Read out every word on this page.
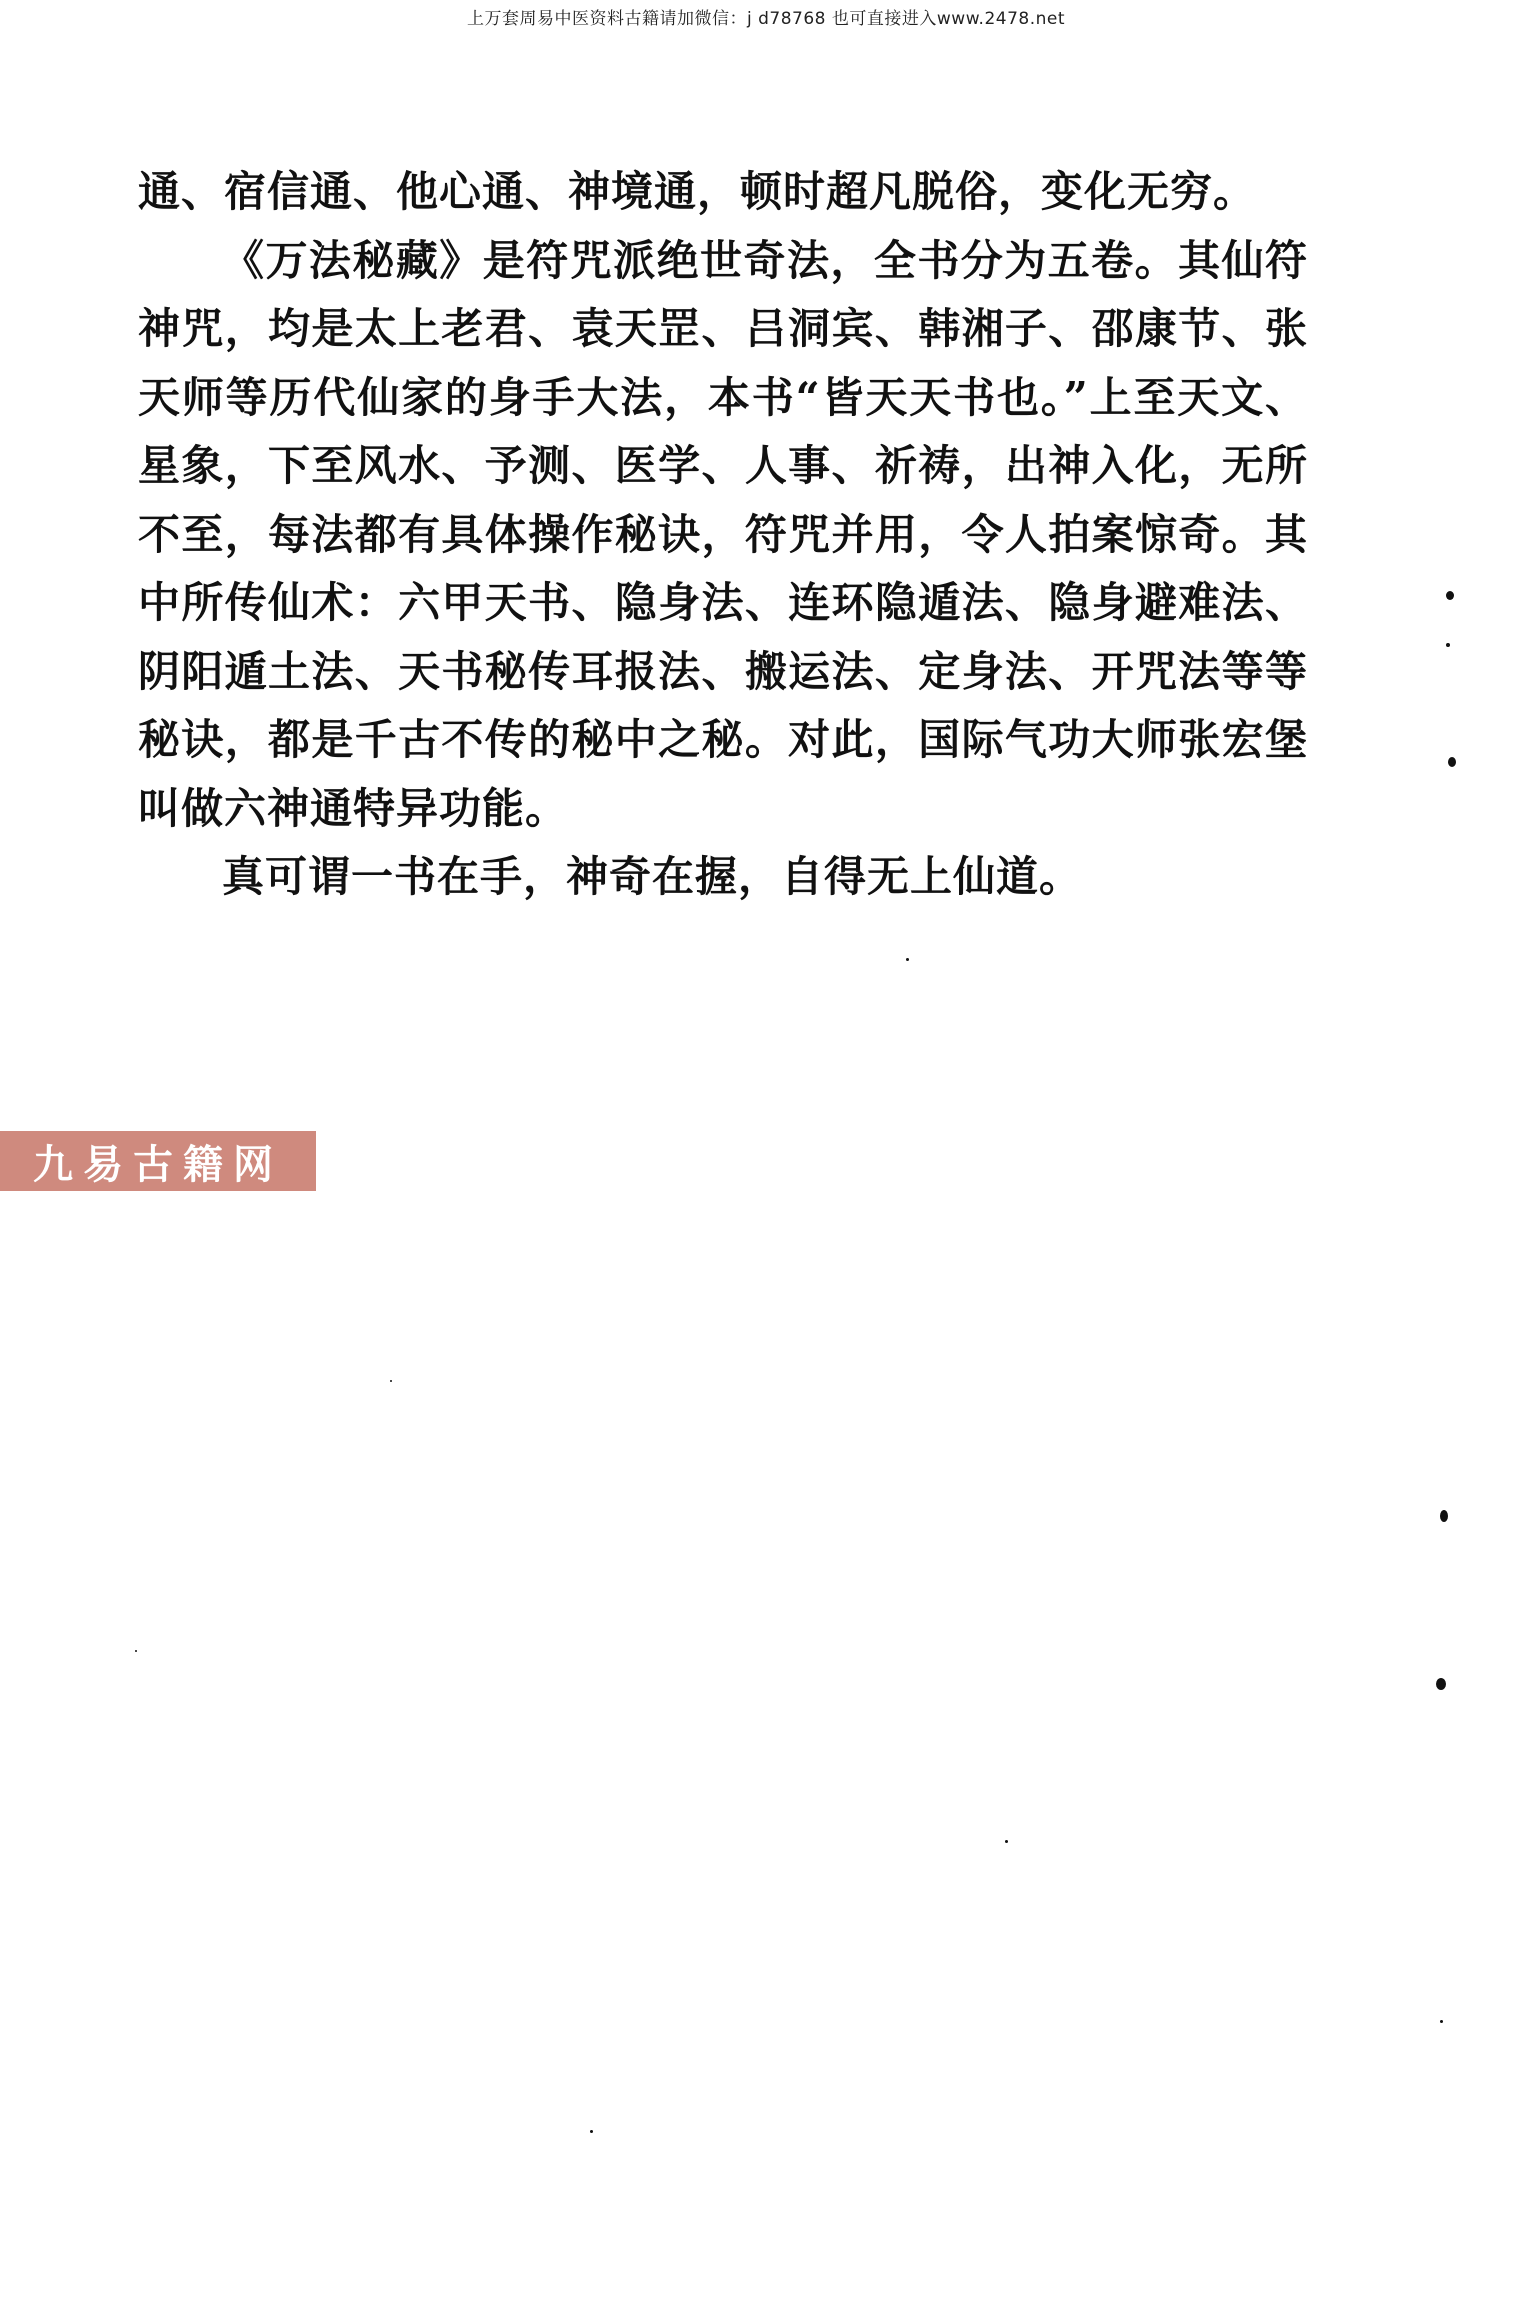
上万套周易中医资料古籍请加微信：j d78768 也可直接进入www.2478.net

通、宿信通、他心通、神境通，顿时超凡脱俗，变化无穷。

《万法秘藏》是符咒派绝世奇法，全书分为五卷。其仙符神咒，均是太上老君、袁天罡、吕洞宾、韩湘子、邵康节、张天师等历代仙家的身手大法，本书“皆天天书也。”上至天文、星象，下至风水、予测、医学、人事、祈祷，出神入化，无所不至，每法都有具体操作秘诀，符咒并用，令人拍案惊奇。其中所传仙术：六甲天书、隐身法、连环隐遁法、隐身避难法、阴阳遁土法、天书秘传耳报法、搬运法、定身法、开咒法等等秘诀，都是千古不传的秘中之秘。对此，国际气功大师张宏堡叫做六神通特异功能。

真可谓一书在手，神奇在握，自得无上仙道。

九易古籍网
